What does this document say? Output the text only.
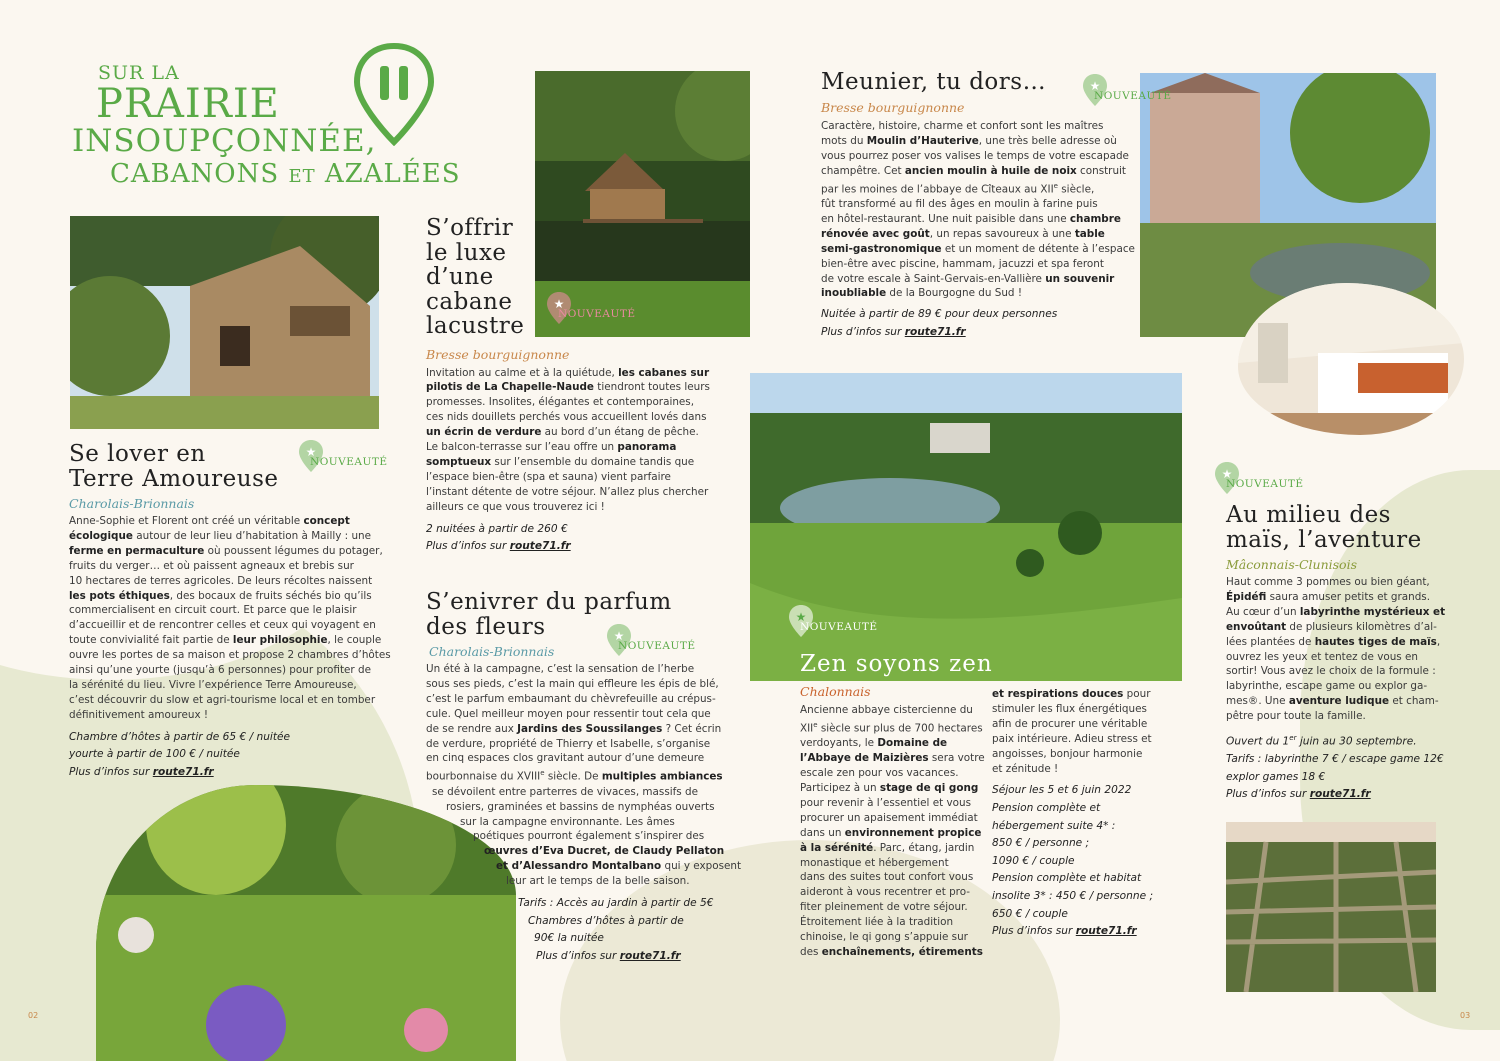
SUR LA
PRAIRIE
INSOUPÇONNÉE,
CABANONS ET AZALÉES
★
NOUVEAUTÉ
★
NOUVEAUTÉ
★
NOUVEAUTÉ
★
NOUVEAUTÉ
★
NOUVEAUTÉ
★
NOUVEAUTÉ
Se lover en
Terre Amoureuse
Charolais-Brionnais
Anne-Sophie et Florent ont créé un véritable concept
écologique autour de leur lieu d’habitation à Mailly : une
ferme en permaculture où poussent légumes du potager,
fruits du verger… et où paissent agneaux et brebis sur
10 hectares de terres agricoles. De leurs récoltes naissent
les pots éthiques, des bocaux de fruits séchés bio qu’ils
commercialisent en circuit court. Et parce que le plaisir
d’accueillir et de rencontrer celles et ceux qui voyagent en
toute convivialité fait partie de leur philosophie, le couple
ouvre les portes de sa maison et propose 2 chambres d’hôtes
ainsi qu’une yourte (jusqu’à 6 personnes) pour profiter de
la sérénité du lieu. Vivre l’expérience Terre Amoureuse,
c’est découvrir du slow et agri-tourisme local et en tomber
définitivement amoureux !
Chambre d’hôtes à partir de 65 € / nuitée
yourte à partir de 100 € / nuitée
Plus d’infos sur route71.fr
S’offrir
le luxe
d’une
cabane
lacustre
Bresse bourguignonne
Invitation au calme et à la quiétude, les cabanes sur
pilotis de La Chapelle-Naude tiendront toutes leurs
promesses. Insolites, élégantes et contemporaines,
ces nids douillets perchés vous accueillent lovés dans
un écrin de verdure au bord d’un étang de pêche.
Le balcon-terrasse sur l’eau offre un panorama
somptueux sur l’ensemble du domaine tandis que
l’espace bien-être (spa et sauna) vient parfaire
l’instant détente de votre séjour. N’allez plus chercher
ailleurs ce que vous trouverez ici !
2 nuitées à partir de 260 €
Plus d’infos sur route71.fr
S’enivrer du parfum
des fleurs
Charolais-Brionnais
Un été à la campagne, c’est la sensation de l’herbe
sous ses pieds, c’est la main qui effleure les épis de blé,
c’est le parfum embaumant du chèvrefeuille au crépus-
cule. Quel meilleur moyen pour ressentir tout cela que
de se rendre aux Jardins des Soussilanges ? Cet écrin
de verdure, propriété de Thierry et Isabelle, s’organise
en cinq espaces clos gravitant autour d’une demeure
bourbonnaise du XVIIIe siècle. De multiples ambiances
se dévoilent entre parterres de vivaces, massifs de
rosiers, graminées et bassins de nymphéas ouverts
sur la campagne environnante. Les âmes
poétiques pourront également s’inspirer des
œuvres d’Eva Ducret, de Claudy Pellaton
et d’Alessandro Montalbano qui y exposent
leur art le temps de la belle saison.
Tarifs : Accès au jardin à partir de 5€
Chambres d’hôtes à partir de
90€ la nuitée
Plus d’infos sur route71.fr
Meunier, tu dors…
Bresse bourguignonne
Caractère, histoire, charme et confort sont les maîtres
mots du Moulin d’Hauterive, une très belle adresse où
vous pourrez poser vos valises le temps de votre escapade
champêtre. Cet ancien moulin à huile de noix construit
par les moines de l’abbaye de Cîteaux au XIIe siècle,
fût transformé au fil des âges en moulin à farine puis
en hôtel-restaurant. Une nuit paisible dans une chambre
rénovée avec goût, un repas savoureux à une table
semi-gastronomique et un moment de détente à l’espace
bien-être avec piscine, hammam, jacuzzi et spa feront
de votre escale à Saint-Gervais-en-Vallière un souvenir
inoubliable de la Bourgogne du Sud !
Nuitée à partir de 89 € pour deux personnes
Plus d’infos sur route71.fr
Zen soyons zen
Chalonnais
Ancienne abbaye cistercienne du
XIIe siècle sur plus de 700 hectares
verdoyants, le Domaine de
l’Abbaye de Maizières sera votre
escale zen pour vos vacances.
Participez à un stage de qi gong
pour revenir à l’essentiel et vous
procurer un apaisement immédiat
dans un environnement propice
à la sérénité. Parc, étang, jardin
monastique et hébergement
dans des suites tout confort vous
aideront à vous recentrer et pro-
fiter pleinement de votre séjour.
Étroitement liée à la tradition
chinoise, le qi gong s’appuie sur
des enchaînements, étirements
et respirations douces pour
stimuler les flux énergétiques
afin de procurer une véritable
paix intérieure. Adieu stress et
angoisses, bonjour harmonie
et zénitude !
Séjour les 5 et 6 juin 2022
Pension complète et
hébergement suite 4* :
850 € / personne ;
1090 € / couple
Pension complète et habitat
insolite 3* : 450 € / personne ;
650 € / couple
Plus d’infos sur route71.fr
Au milieu des
maïs, l’aventure
Mâconnais-Clunisois
Haut comme 3 pommes ou bien géant,
Épidéfi saura amuser petits et grands.
Au cœur d’un labyrinthe mystérieux et
envoûtant de plusieurs kilomètres d’al-
lées plantées de hautes tiges de maïs,
ouvrez les yeux et tentez de vous en
sortir! Vous avez le choix de la formule :
labyrinthe, escape game ou explor ga-
mes®. Une aventure ludique et cham-
pêtre pour toute la famille.
Ouvert du 1er juin au 30 septembre.
Tarifs : labyrinthe 7 € / escape game 12€
explor games 18 €
Plus d’infos sur route71.fr
02	03
